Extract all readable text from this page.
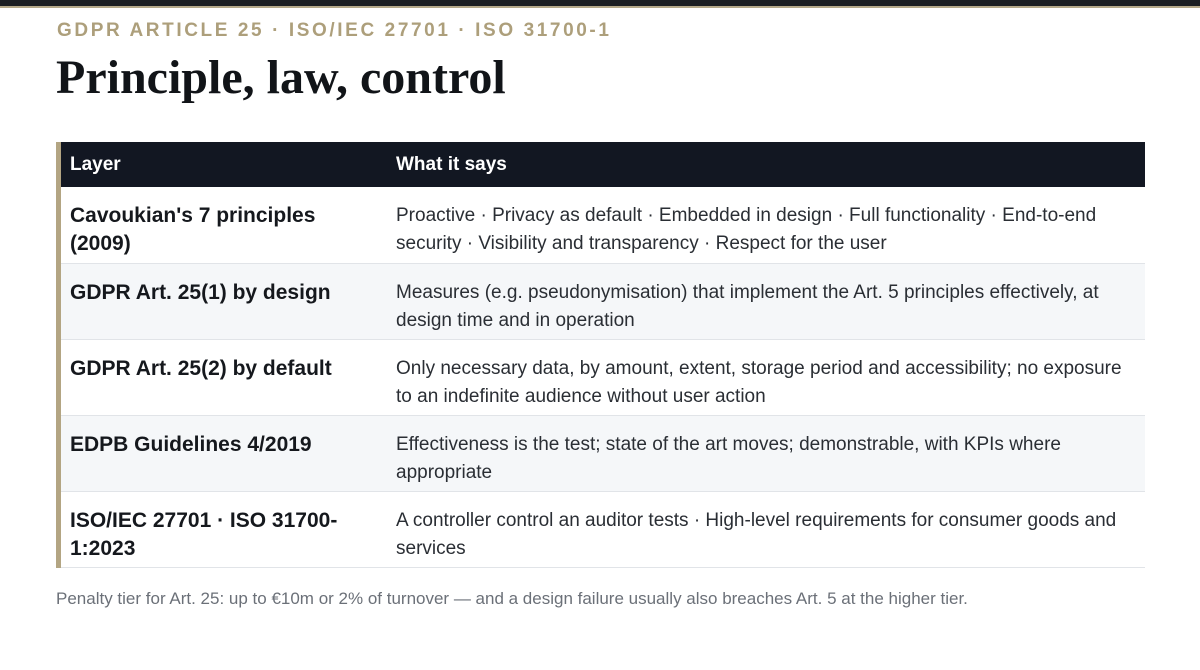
GDPR ARTICLE 25 · ISO/IEC 27701 · ISO 31700-1
Principle, law, control
Layer	What it says
Cavoukian's 7 principles (2009)	Proactive · Privacy as default · Embedded in design · Full functionality · End-to-end security · Visibility and transparency · Respect for the user
GDPR Art. 25(1) by design	Measures (e.g. pseudonymisation) that implement the Art. 5 principles effectively, at design time and in operation
GDPR Art. 25(2) by default	Only necessary data, by amount, extent, storage period and accessibility; no exposure to an indefinite audience without user action
EDPB Guidelines 4/2019	Effectiveness is the test; state of the art moves; demonstrable, with KPIs where appropriate
ISO/IEC 27701 · ISO 31700-1:2023	A controller control an auditor tests · High-level requirements for consumer goods and services
Penalty tier for Art. 25: up to €10m or 2% of turnover — and a design failure usually also breaches Art. 5 at the higher tier.
